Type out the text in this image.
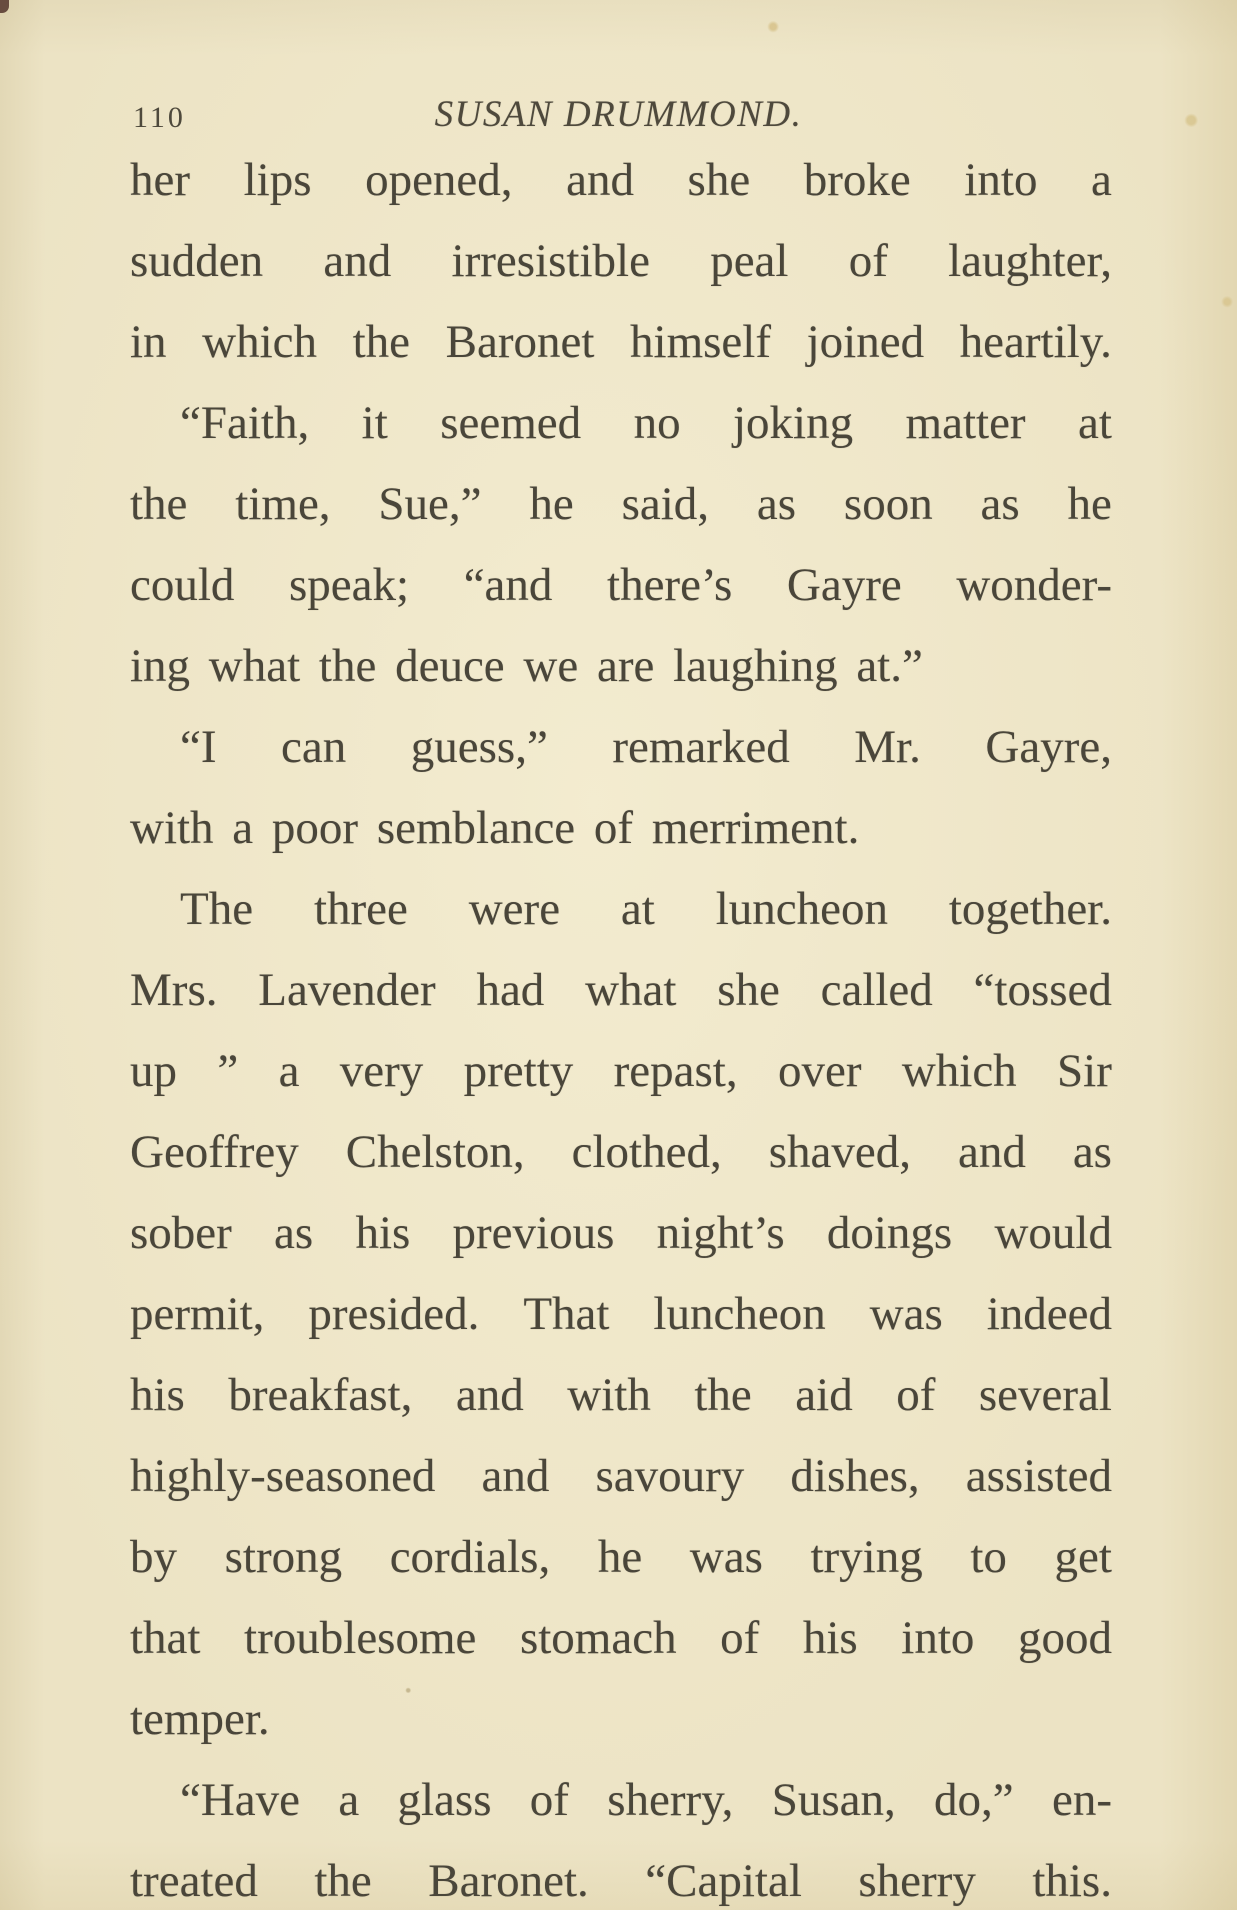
110	SUSAN DRUMMOND.
her lips opened, and she broke into a
sudden and irresistible peal of laughter,
in which the Baronet himself joined heartily.
“Faith, it seemed no joking matter at
the time, Sue,” he said, as soon as he
could speak; “and there’s Gayre wonder-
ing what the deuce we are laughing at.”
“I can guess,” remarked Mr. Gayre,
with a poor semblance of merriment.
The three were at luncheon together.
Mrs. Lavender had what she called “tossed
up ” a very pretty repast, over which Sir
Geoffrey Chelston, clothed, shaved, and as
sober as his previous night’s doings would
permit, presided. That luncheon was indeed
his breakfast, and with the aid of several
highly-seasoned and savoury dishes, assisted
by strong cordials, he was trying to get
that troublesome stomach of his into good
temper.
“Have a glass of sherry, Susan, do,” en-
treated the Baronet. “Capital sherry this.
